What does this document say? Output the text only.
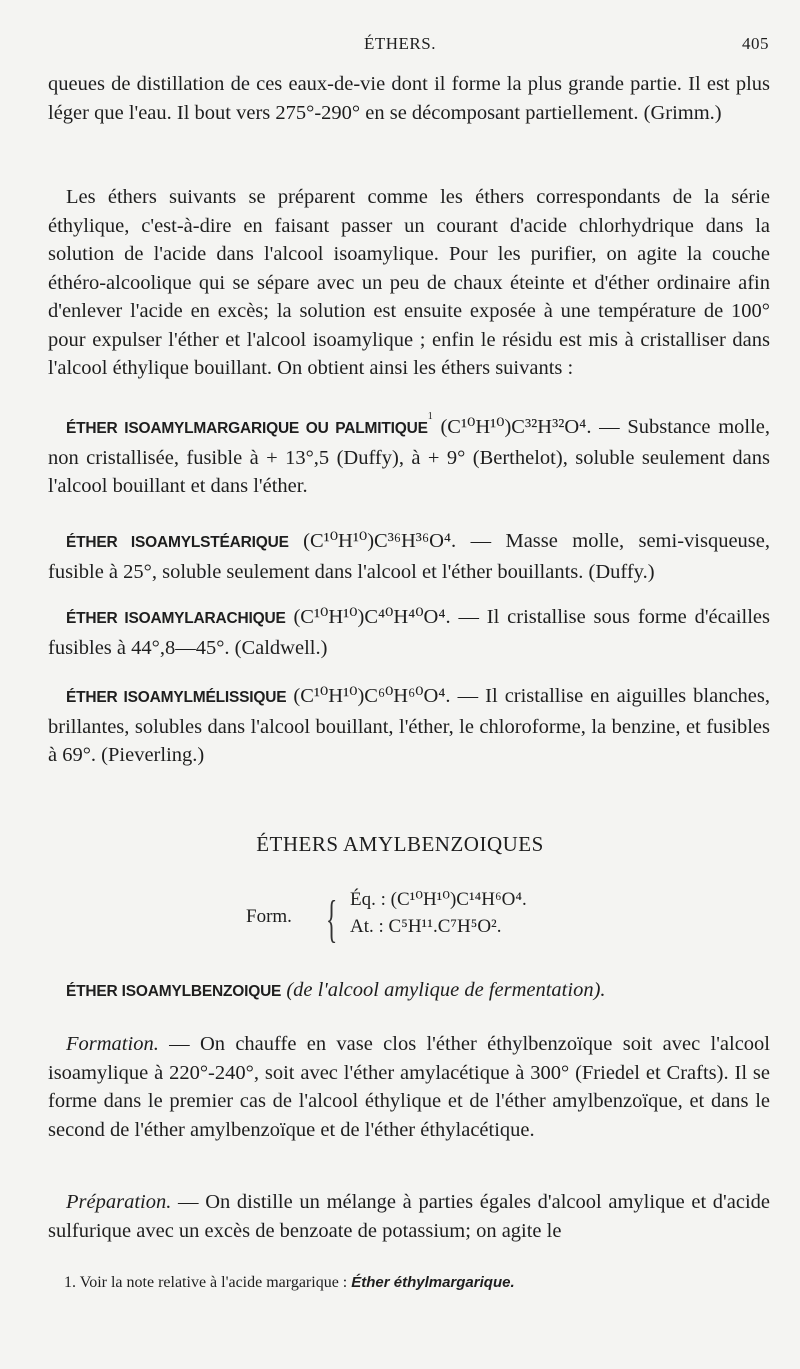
ÉTHERS.	405

queues de distillation de ces eaux-de-vie dont il forme la plus grande partie. Il est plus léger que l'eau. Il bout vers 275°-290° en se décomposant partiellement. (Grimm.)

Les éthers suivants se préparent comme les éthers correspondants de la série éthylique, c'est-à-dire en faisant passer un courant d'acide chlorhydrique dans la solution de l'acide dans l'alcool isoamylique. Pour les purifier, on agite la couche éthéro-alcoolique qui se sépare avec un peu de chaux éteinte et d'éther ordinaire afin d'enlever l'acide en excès; la solution est ensuite exposée à une température de 100° pour expulser l'éther et l'alcool isoamylique ; enfin le résidu est mis à cristalliser dans l'alcool éthylique bouillant. On obtient ainsi les éthers suivants :

ÉTHER ISOAMYLMARGARIQUE OU PALMITIQUE$^1$ (C¹⁰H¹⁰)C³²H³²O⁴. — Substance molle, non cristallisée, fusible à + 13°,5 (Duffy), à + 9° (Berthelot), soluble seulement dans l'alcool bouillant et dans l'éther.

ÉTHER ISOAMYLSTÉARIQUE (C¹⁰H¹⁰)C³⁶H³⁶O⁴. — Masse molle, semi-visqueuse, fusible à 25°, soluble seulement dans l'alcool et l'éther bouillants. (Duffy.)

ÉTHER ISOAMYLARACHIQUE (C¹⁰H¹⁰)C⁴⁰H⁴⁰O⁴. — Il cristallise sous forme d'écailles fusibles à 44°,8—45°. (Caldwell.)

ÉTHER ISOAMYLMÉLISSIQUE (C¹⁰H¹⁰)C⁶⁰H⁶⁰O⁴. — Il cristallise en aiguilles blanches, brillantes, solubles dans l'alcool bouillant, l'éther, le chloroforme, la benzine, et fusibles à 69°. (Pieverling.)

ÉTHERS AMYLBENZOIQUES
Form. { Éq. : (C¹⁰H¹⁰)C¹⁴H⁶O⁴.
At. : C⁵H¹¹.C⁷H⁵O².

ÉTHER ISOAMYLBENZOIQUE (de l'alcool amylique de fermentation).

Formation. — On chauffe en vase clos l'éther éthylbenzoïque soit avec l'alcool isoamylique à 220°-240°, soit avec l'éther amylacétique à 300° (Friedel et Crafts). Il se forme dans le premier cas de l'alcool éthylique et de l'éther amylbenzoïque, et dans le second de l'éther amylbenzoïque et de l'éther éthylacétique.

Préparation. — On distille un mélange à parties égales d'alcool amylique et d'acide sulfurique avec un excès de benzoate de potassium; on agite le

1. Voir la note relative à l'acide margarique : Éther éthylmargarique.
